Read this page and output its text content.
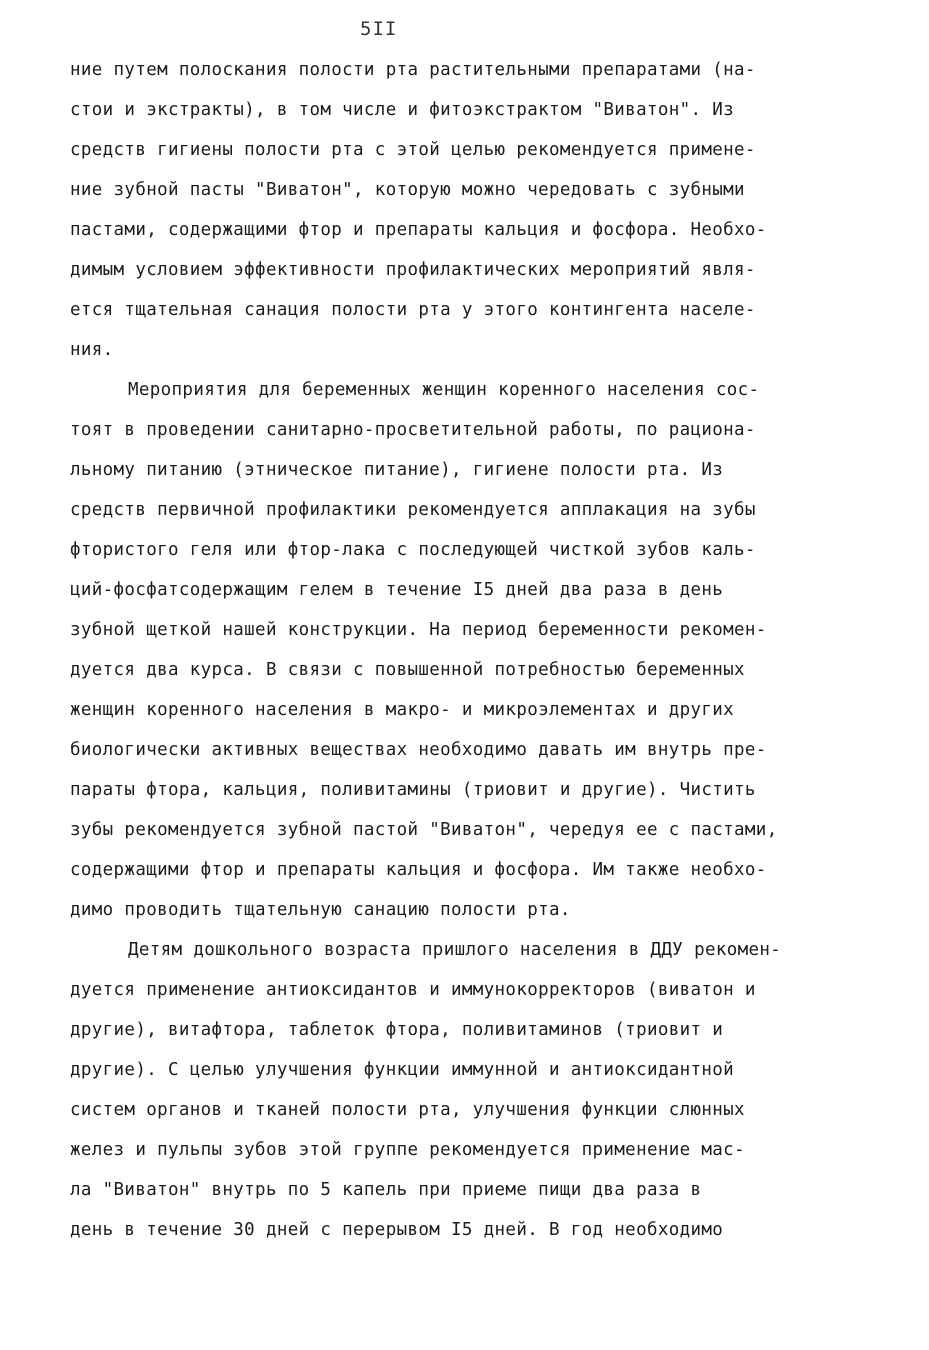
5II
ние путем полоскания полости рта растительными препаратами (на-
стои и экстракты), в том числе и фитоэкстрактом "Виватон". Из
средств гигиены полости рта с этой целью рекомендуется примене-
ние зубной пасты "Виватон", которую можно чередовать с зубными
пастами, содержащими фтор и препараты кальция и фосфора. Необхо-
димым условием эффективности профилактических мероприятий явля-
ется тщательная санация полости рта у этого контингента населе-
ния.
Мероприятия для беременных женщин коренного населения сос-
тоят в проведении санитарно-просветительной работы, по рациона-
льному питанию (этническое питание), гигиене полости рта. Из
средств первичной профилактики рекомендуется апплакация на зубы
фтористого геля или фтор-лака с последующей чисткой зубов каль-
ций-фосфатсодержащим гелем в течение I5 дней два раза в день
зубной щеткой нашей конструкции. На период беременности рекомен-
дуется два курса. В связи с повышенной потребностью беременных
женщин коренного населения в макро- и микроэлементах и других
биологически активных веществах необходимо давать им внутрь пре-
параты фтора, кальция, поливитамины (триовит и другие). Чистить
зубы рекомендуется зубной пастой "Виватон", чередуя ее с пастами,
содержащими фтор и препараты кальция и фосфора. Им также необхо-
димо проводить тщательную санацию полости рта.
Детям дошкольного возраста пришлого населения в ДДУ рекомен-
дуется применение антиоксидантов и иммунокорректоров (виватон и
другие), витафтора, таблеток фтора, поливитаминов (триовит и
другие). С целью улучшения функции иммунной и антиоксидантной
систем органов и тканей полости рта, улучшения функции слюнных
желез и пульпы зубов этой группе рекомендуется применение мас-
ла "Виватон" внутрь по 5 капель при приеме пищи два раза в
день в течение 30 дней с перерывом I5 дней. В год необходимо
